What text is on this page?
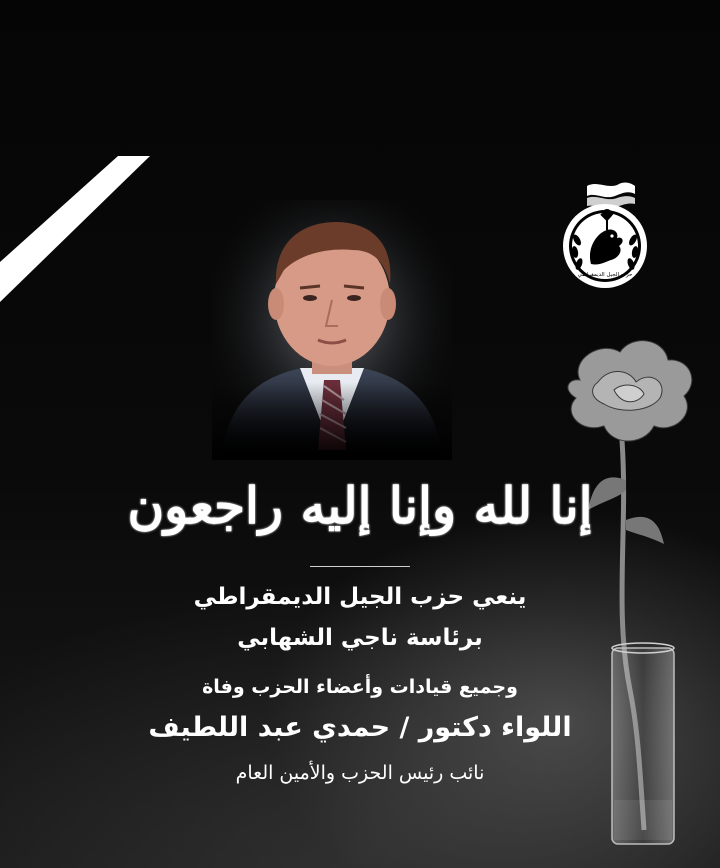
حزب الجيل الديمقراطي
إنا لله وإنا إليه راجعون
ينعي حزب الجيل الديمقراطي
برئاسة ناجي الشهابي
وجميع قيادات وأعضاء الحزب وفاة
اللواء دكتور / حمدي عبد اللطيف
نائب رئيس الحزب والأمين العام
